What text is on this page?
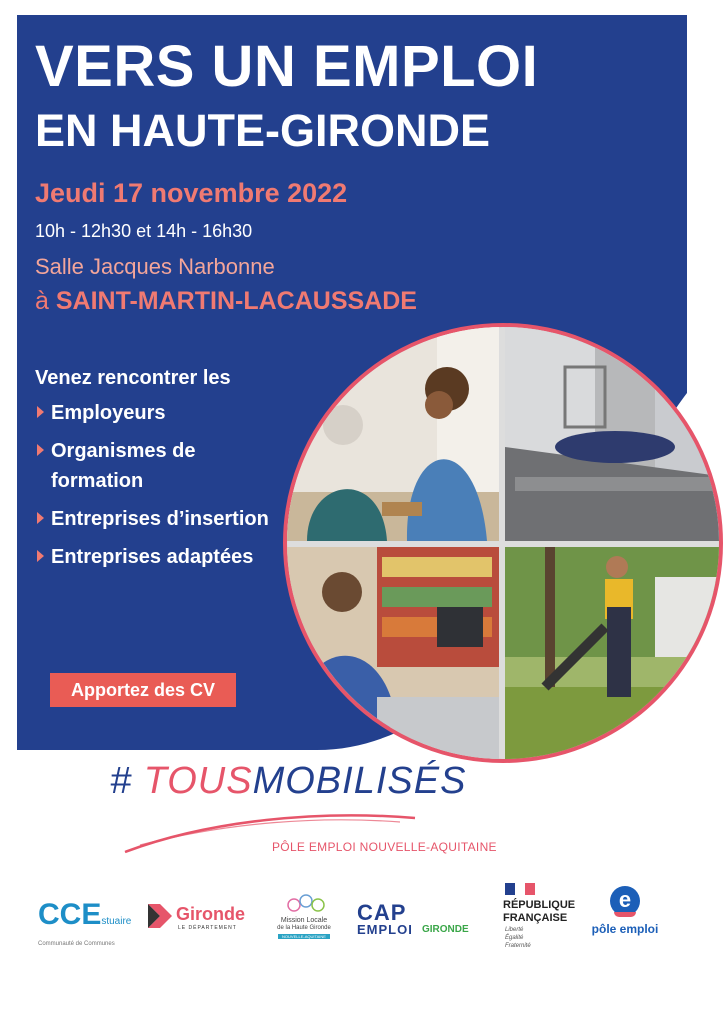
VERS UN EMPLOI
EN HAUTE-GIRONDE
Jeudi 17 novembre 2022
10h - 12h30 et 14h - 16h30
Salle Jacques Narbonne
à SAINT-MARTIN-LACAUSSADE
Venez rencontrer les
Employeurs
Organismes de formation
Entreprises d’insertion
Entreprises adaptées
Apportez des CV
# TOUSMOBILISÉS
PÔLE EMPLOI NOUVELLE-AQUITAINE
CCEstuaire
Communauté de Communes
Gironde
LE DÉPARTEMENT
Mission Locale
de la Haute Gironde
NOUVELLE-AQUITAINE
CAP
EMPLOI GIRONDE
RÉPUBLIQUE
FRANÇAISE
Liberté
Égalité
Fraternité
e
pôle emploi
